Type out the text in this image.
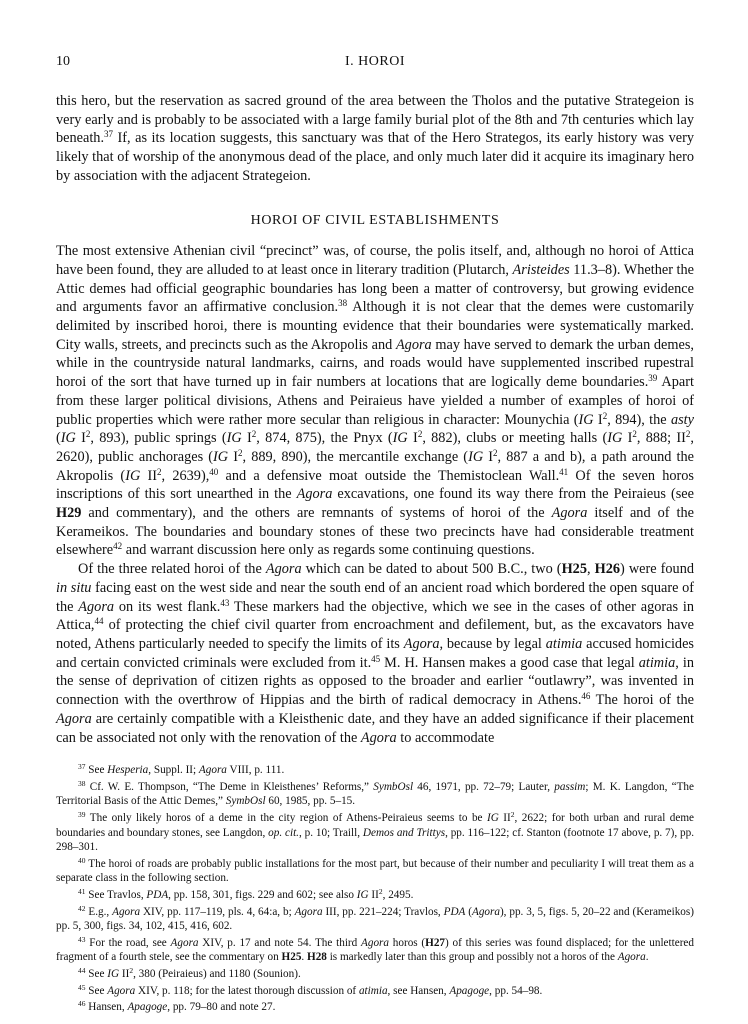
10	I. HOROI

this hero, but the reservation as sacred ground of the area between the Tholos and the putative Strategeion is very early and is probably to be associated with a large family burial plot of the 8th and 7th centuries which lay beneath.$^{37}$ If, as its location suggests, this sanctuary was that of the Hero Strategos, its early history was very likely that of worship of the anonymous dead of the place, and only much later did it acquire its imaginary hero by association with the adjacent Strategeion.

HOROI OF CIVIL ESTABLISHMENTS

The most extensive Athenian civil “precinct” was, of course, the polis itself, and, although no horoi of Attica have been found, they are alluded to at least once in literary tradition (Plutarch, Aristeides 11.3–8). Whether the Attic demes had official geographic boundaries has long been a matter of controversy, but growing evidence and arguments favor an affirmative conclusion.$^{38}$ Although it is not clear that the demes were customarily delimited by inscribed horoi, there is mounting evidence that their boundaries were systematically marked. City walls, streets, and precincts such as the Akropolis and Agora may have served to demark the urban demes, while in the countryside natural landmarks, cairns, and roads would have supplemented inscribed rupestral horoi of the sort that have turned up in fair numbers at locations that are logically deme boundaries.$^{39}$ Apart from these larger political divisions, Athens and Peiraieus have yielded a number of examples of horoi of public properties which were rather more secular than religious in character: Mounychia (IG $I^2$, 894), the asty (IG $I^2$, 893), public springs (IG $I^2$, 874, 875), the Pnyx (IG $I^2$, 882), clubs or meeting halls (IG $I^2$, 888; $II^2$, 2620), public anchorages (IG $I^2$, 889, 890), the mercantile exchange (IG $I^2$, 887 a and b), a path around the Akropolis (IG $II^2$, 2639),$^{40}$ and a defensive moat outside the Themistoclean Wall.$^{41}$ Of the seven horos inscriptions of this sort unearthed in the Agora excavations, one found its way there from the Peiraieus (see H29 and commentary), and the others are remnants of systems of horoi of the Agora itself and of the Kerameikos. The boundaries and boundary stones of these two precincts have had considerable treatment elsewhere$^{42}$ and warrant discussion here only as regards some continuing questions.

Of the three related horoi of the Agora which can be dated to about 500 B.C., two (H25, H26) were found in situ facing east on the west side and near the south end of an ancient road which bordered the open square of the Agora on its west flank.$^{43}$ These markers had the objective, which we see in the cases of other agoras in Attica,$^{44}$ of protecting the chief civil quarter from encroachment and defilement, but, as the excavators have noted, Athens particularly needed to specify the limits of its Agora, because by legal atimia accused homicides and certain convicted criminals were excluded from it.$^{45}$ M. H. Hansen makes a good case that legal atimia, in the sense of deprivation of citizen rights as opposed to the broader and earlier “outlawry”, was invented in connection with the overthrow of Hippias and the birth of radical democracy in Athens.$^{46}$ The horoi of the Agora are certainly compatible with a Kleisthenic date, and they have an added significance if their placement can be associated not only with the renovation of the Agora to accommodate

$^{37}$ See Hesperia, Suppl. II; Agora VIII, p. 111.

$^{38}$ Cf. W. E. Thompson, “The Deme in Kleisthenes’ Reforms,” SymbOsl 46, 1971, pp. 72–79; Lauter, passim; M. K. Langdon, “The Territorial Basis of the Attic Demes,” SymbOsl 60, 1985, pp. 5–15.

$^{39}$ The only likely horos of a deme in the city region of Athens-Peiraieus seems to be IG $II^2$, 2622; for both urban and rural deme boundaries and boundary stones, see Langdon, op. cit., p. 10; Traill, Demos and Trittys, pp. 116–122; cf. Stanton (footnote 17 above, p. 7), pp. 298–301.

$^{40}$ The horoi of roads are probably public installations for the most part, but because of their number and peculiarity I will treat them as a separate class in the following section.

$^{41}$ See Travlos, PDA, pp. 158, 301, figs. 229 and 602; see also IG $II^2$, 2495.

$^{42}$ E.g., Agora XIV, pp. 117–119, pls. 4, 64:a, b; Agora III, pp. 221–224; Travlos, PDA (Agora), pp. 3, 5, figs. 5, 20–22 and (Kerameikos) pp. 5, 300, figs. 34, 102, 415, 416, 602.

$^{43}$ For the road, see Agora XIV, p. 17 and note 54. The third Agora horos (H27) of this series was found displaced; for the unlettered fragment of a fourth stele, see the commentary on H25. H28 is markedly later than this group and possibly not a horos of the Agora.

$^{44}$ See IG $II^2$, 380 (Peiraieus) and 1180 (Sounion).

$^{45}$ See Agora XIV, p. 118; for the latest thorough discussion of atimia, see Hansen, Apagoge, pp. 54–98.

$^{46}$ Hansen, Apagoge, pp. 79–80 and note 27.
